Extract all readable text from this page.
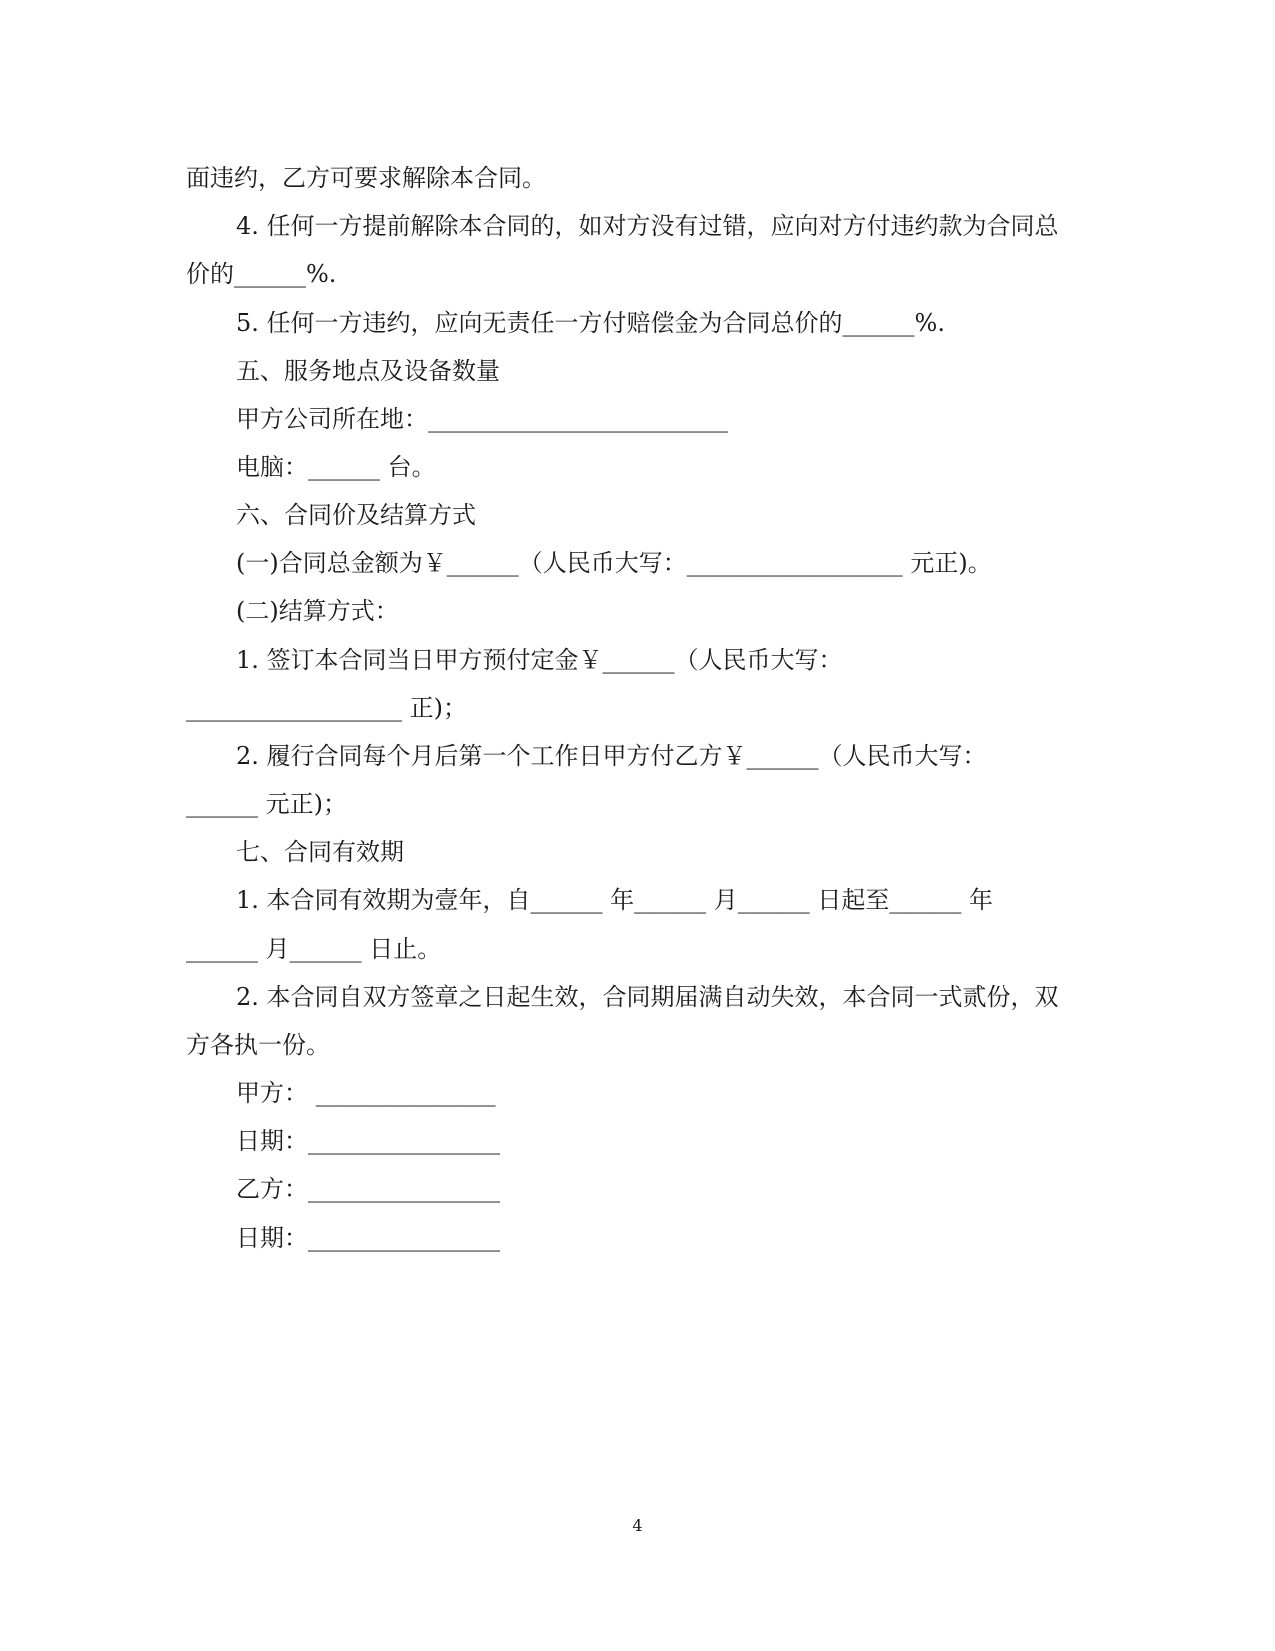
面违约，乙方可要求解除本合同。
4. 任何一方提前解除本合同的，如对方没有过错，应向对方付违约款为合同总
价的______%.
5. 任何一方违约，应向无责任一方付赔偿金为合同总价的______%.
五、服务地点及设备数量
甲方公司所在地：_________________________
电脑：______ 台。
六、合同价及结算方式
(一)合同总金额为￥______（人民币大写：__________________ 元正)。
(二)结算方式：
1. 签订本合同当日甲方预付定金￥______（人民币大写：
__________________ 正)；
2. 履行合同每个月后第一个工作日甲方付乙方￥______（人民币大写：
______ 元正)；
七、合同有效期
1. 本合同有效期为壹年，自______ 年______ 月______ 日起至______ 年
______ 月______ 日止。
2. 本合同自双方签章之日起生效，合同期届满自动失效，本合同一式贰份，双
方各执一份。
甲方： _______________
日期：________________
乙方：________________
日期：________________
4
